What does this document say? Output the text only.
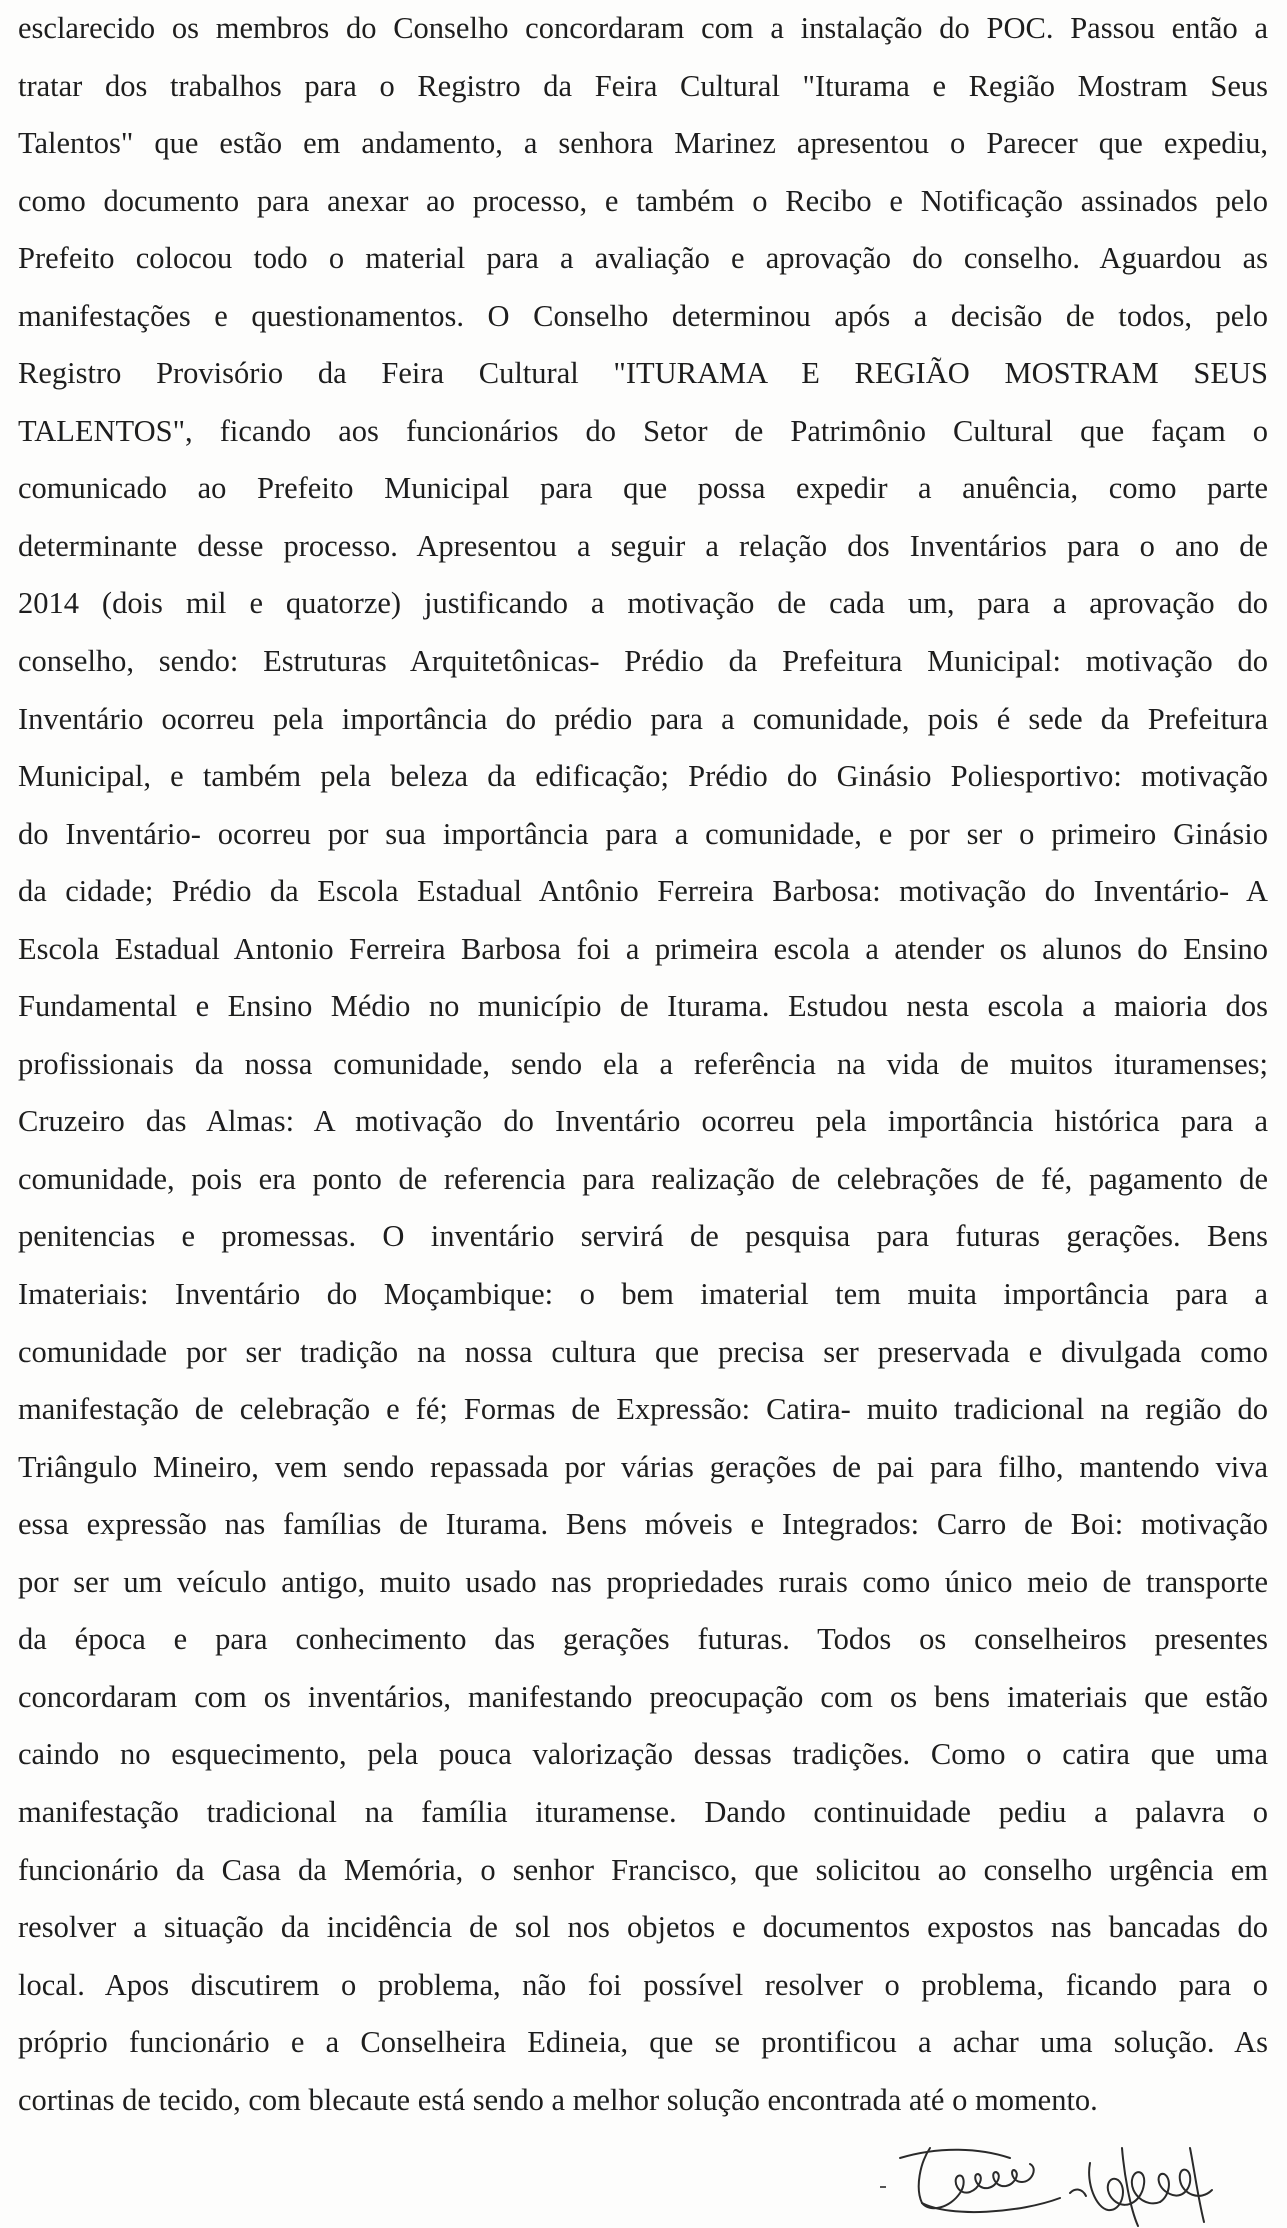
esclarecido os membros do Conselho concordaram com a instalação do POC. Passou então a
tratar dos trabalhos para o Registro da Feira Cultural "Iturama e Região Mostram Seus
Talentos" que estão em andamento, a senhora Marinez apresentou o Parecer que expediu,
como documento para anexar ao processo, e também o Recibo e Notificação assinados pelo
Prefeito colocou todo o material para a avaliação e aprovação do conselho. Aguardou as
manifestações e questionamentos. O Conselho determinou após a decisão de todos, pelo
Registro Provisório da Feira Cultural "ITURAMA E REGIÃO MOSTRAM SEUS
TALENTOS", ficando aos funcionários do Setor de Patrimônio Cultural que façam o
comunicado ao Prefeito Municipal para que possa expedir a anuência, como parte
determinante desse processo. Apresentou a seguir a relação dos Inventários para o ano de
2014 (dois mil e quatorze) justificando a motivação de cada um, para a aprovação do
conselho, sendo: Estruturas Arquitetônicas- Prédio da Prefeitura Municipal: motivação do
Inventário ocorreu pela importância do prédio para a comunidade, pois é sede da Prefeitura
Municipal, e também pela beleza da edificação; Prédio do Ginásio Poliesportivo: motivação
do Inventário- ocorreu por sua importância para a comunidade, e por ser o primeiro Ginásio
da cidade; Prédio da Escola Estadual Antônio Ferreira Barbosa: motivação do Inventário- A
Escola Estadual Antonio Ferreira Barbosa foi a primeira escola a atender os alunos do Ensino
Fundamental e Ensino Médio no município de Iturama. Estudou nesta escola a maioria dos
profissionais da nossa comunidade, sendo ela a referência na vida de muitos ituramenses;
Cruzeiro das Almas: A motivação do Inventário ocorreu pela importância histórica para a
comunidade, pois era ponto de referencia para realização de celebrações de fé, pagamento de
penitencias e promessas. O inventário servirá de pesquisa para futuras gerações. Bens
Imateriais: Inventário do Moçambique: o bem imaterial tem muita importância para a
comunidade por ser tradição na nossa cultura que precisa ser preservada e divulgada como
manifestação de celebração e fé; Formas de Expressão: Catira- muito tradicional na região do
Triângulo Mineiro, vem sendo repassada por várias gerações de pai para filho, mantendo viva
essa expressão nas famílias de Iturama. Bens móveis e Integrados: Carro de Boi: motivação
por ser um veículo antigo, muito usado nas propriedades rurais como único meio de transporte
da época e para conhecimento das gerações futuras. Todos os conselheiros presentes
concordaram com os inventários, manifestando preocupação com os bens imateriais que estão
caindo no esquecimento, pela pouca valorização dessas tradições. Como o catira que uma
manifestação tradicional na família ituramense. Dando continuidade pediu a palavra o
funcionário da Casa da Memória, o senhor Francisco, que solicitou ao conselho urgência em
resolver a situação da incidência de sol nos objetos e documentos expostos nas bancadas do
local. Apos discutirem o problema, não foi possível resolver o problema, ficando para o
próprio funcionário e a Conselheira Edineia, que se prontificou a achar uma solução. As
cortinas de tecido, com blecaute está sendo a melhor solução encontrada até o momento.
